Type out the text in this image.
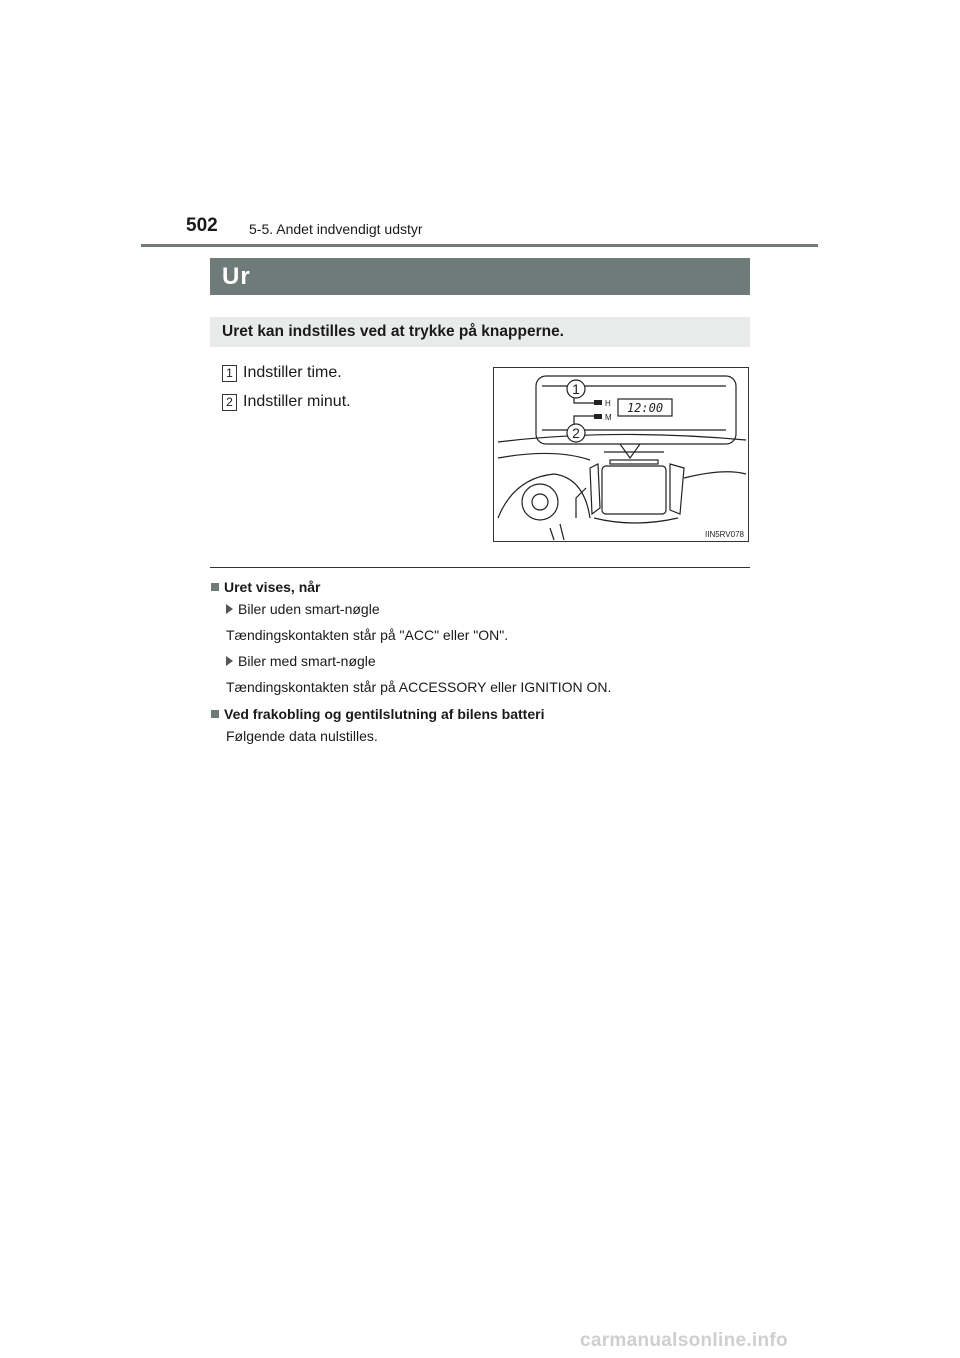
502 5-5. Andet indvendigt udstyr
Ur
Uret kan indstilles ved at trykke på knapperne.
1 Indstiller time.
2 Indstiller minut.
1
2
H
M
12:00
IIN5RV078
Uret vises, når
Biler uden smart-nøgle
Tændingskontakten står på "ACC" eller "ON".
Biler med smart-nøgle
Tændingskontakten står på ACCESSORY eller IGNITION ON.
Ved frakobling og gentilslutning af bilens batteri
Følgende data nulstilles.
carmanualsonline.info
